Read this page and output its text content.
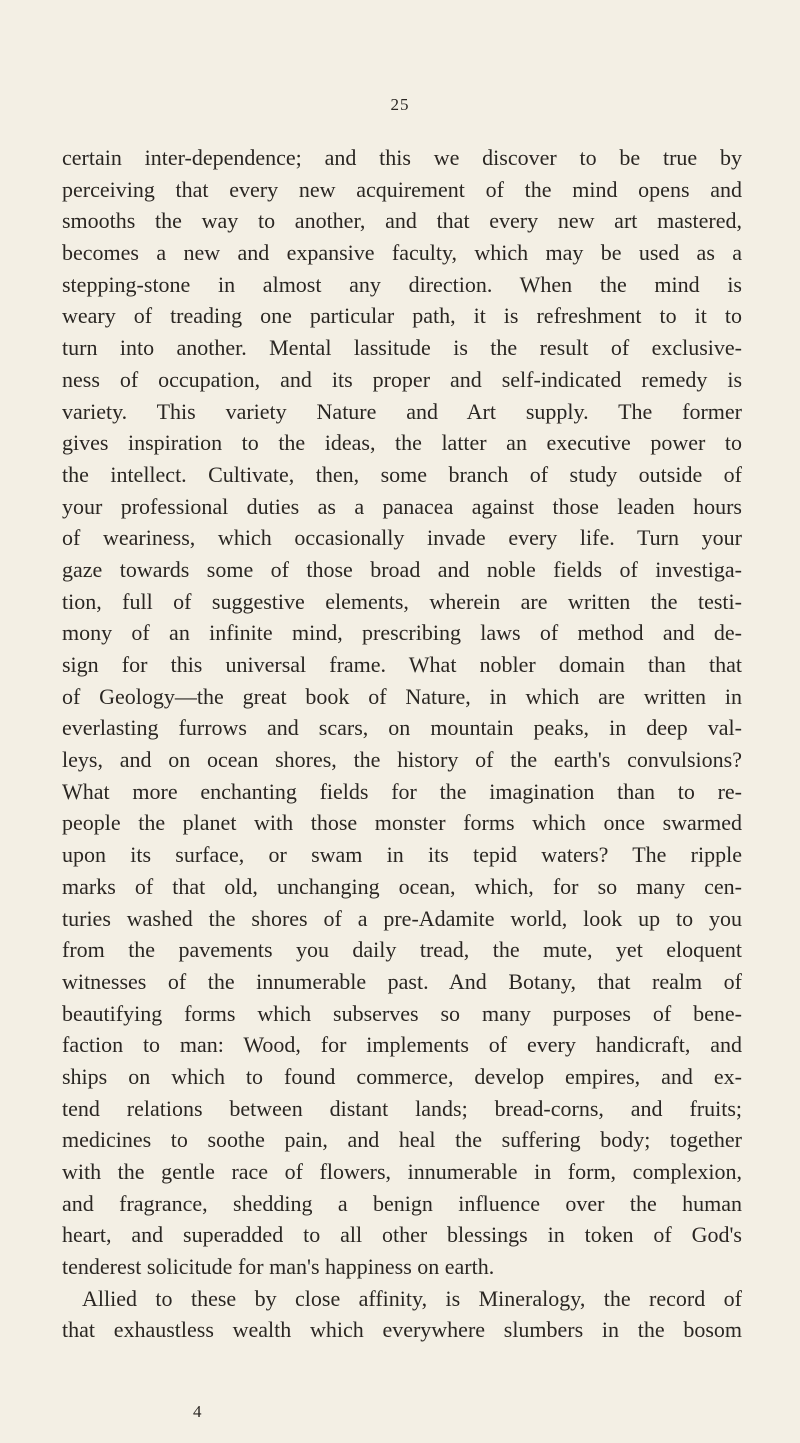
25
certain inter-dependence; and this we discover to be true by
perceiving that every new acquirement of the mind opens and
smooths the way to another, and that every new art mastered,
becomes a new and expansive faculty, which may be used as a
stepping-stone in almost any direction. When the mind is
weary of treading one particular path, it is refreshment to it to
turn into another. Mental lassitude is the result of exclusive-
ness of occupation, and its proper and self-indicated remedy is
variety. This variety Nature and Art supply. The former
gives inspiration to the ideas, the latter an executive power to
the intellect. Cultivate, then, some branch of study outside of
your professional duties as a panacea against those leaden hours
of weariness, which occasionally invade every life. Turn your
gaze towards some of those broad and noble fields of investiga-
tion, full of suggestive elements, wherein are written the testi-
mony of an infinite mind, prescribing laws of method and de-
sign for this universal frame. What nobler domain than that
of Geology—the great book of Nature, in which are written in
everlasting furrows and scars, on mountain peaks, in deep val-
leys, and on ocean shores, the history of the earth's convulsions?
What more enchanting fields for the imagination than to re-
people the planet with those monster forms which once swarmed
upon its surface, or swam in its tepid waters? The ripple
marks of that old, unchanging ocean, which, for so many cen-
turies washed the shores of a pre-Adamite world, look up to you
from the pavements you daily tread, the mute, yet eloquent
witnesses of the innumerable past. And Botany, that realm of
beautifying forms which subserves so many purposes of bene-
faction to man: Wood, for implements of every handicraft, and
ships on which to found commerce, develop empires, and ex-
tend relations between distant lands; bread-corns, and fruits;
medicines to soothe pain, and heal the suffering body; together
with the gentle race of flowers, innumerable in form, complexion,
and fragrance, shedding a benign influence over the human
heart, and superadded to all other blessings in token of God's
tenderest solicitude for man's happiness on earth.
Allied to these by close affinity, is Mineralogy, the record of
that exhaustless wealth which everywhere slumbers in the bosom
4
